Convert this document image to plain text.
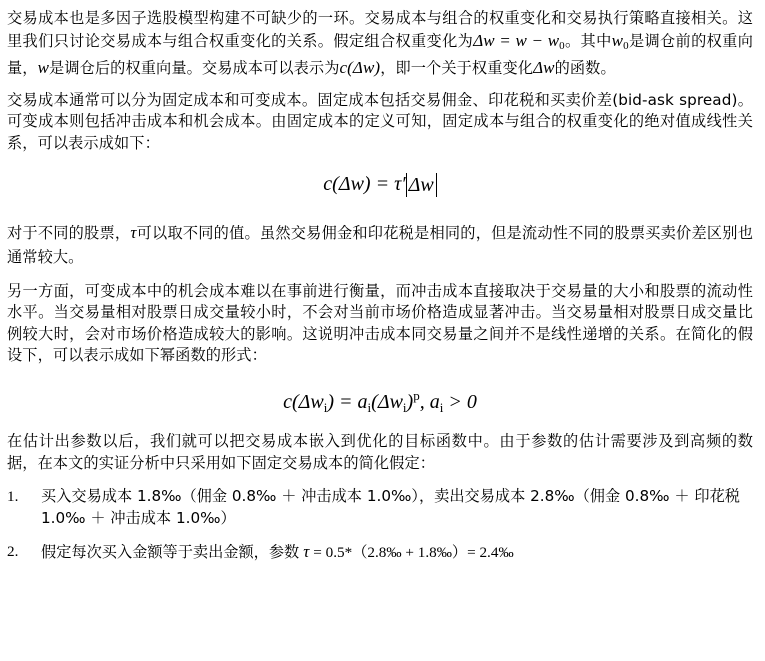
交易成本也是多因子选股模型构建不可缺少的一环。交易成本与组合的权重变化和交易执行策略直接相关。这里我们只讨论交易成本与组合权重变化的关系。假定组合权重变化为Δw = w − w0。其中w0是调仓前的权重向量，w是调仓后的权重向量。交易成本可以表示为c(Δw)，即一个关于权重变化Δw的函数。

交易成本通常可以分为固定成本和可变成本。固定成本包括交易佣金、印花税和买卖价差(bid-ask spread)。可变成本则包括冲击成本和机会成本。由固定成本的定义可知，固定成本与组合的权重变化的绝对值成线性关系，可以表示成如下：

c(Δw) = τ′ Δw

对于不同的股票，τ可以取不同的值。虽然交易佣金和印花税是相同的，但是流动性不同的股票买卖价差区别也通常较大。

另一方面，可变成本中的机会成本难以在事前进行衡量，而冲击成本直接取决于交易量的大小和股票的流动性水平。当交易量相对股票日成交量较小时，不会对当前市场价格造成显著冲击。当交易量相对股票日成交量比例较大时，会对市场价格造成较大的影响。这说明冲击成本同交易量之间并不是线性递增的关系。在简化的假设下，可以表示成如下幂函数的形式：

$c(\Delta w_i) = a_i(\Delta w_i)^p$, $a_i > 0$

在估计出参数以后，我们就可以把交易成本嵌入到优化的目标函数中。由于参数的估计需要涉及到高频的数据，在本文的实证分析中只采用如下固定交易成本的简化假定：

1. 买入交易成本 1.8‰（佣金 0.8‰ ＋ 冲击成本 1.0‰），卖出交易成本 2.8‰（佣金 0.8‰ ＋ 印花税 1.0‰ ＋ 冲击成本 1.0‰）
2. 假定每次买入金额等于卖出金额，参数 τ = 0.5*（2.8‰ + 1.8‰）= 2.4‰
